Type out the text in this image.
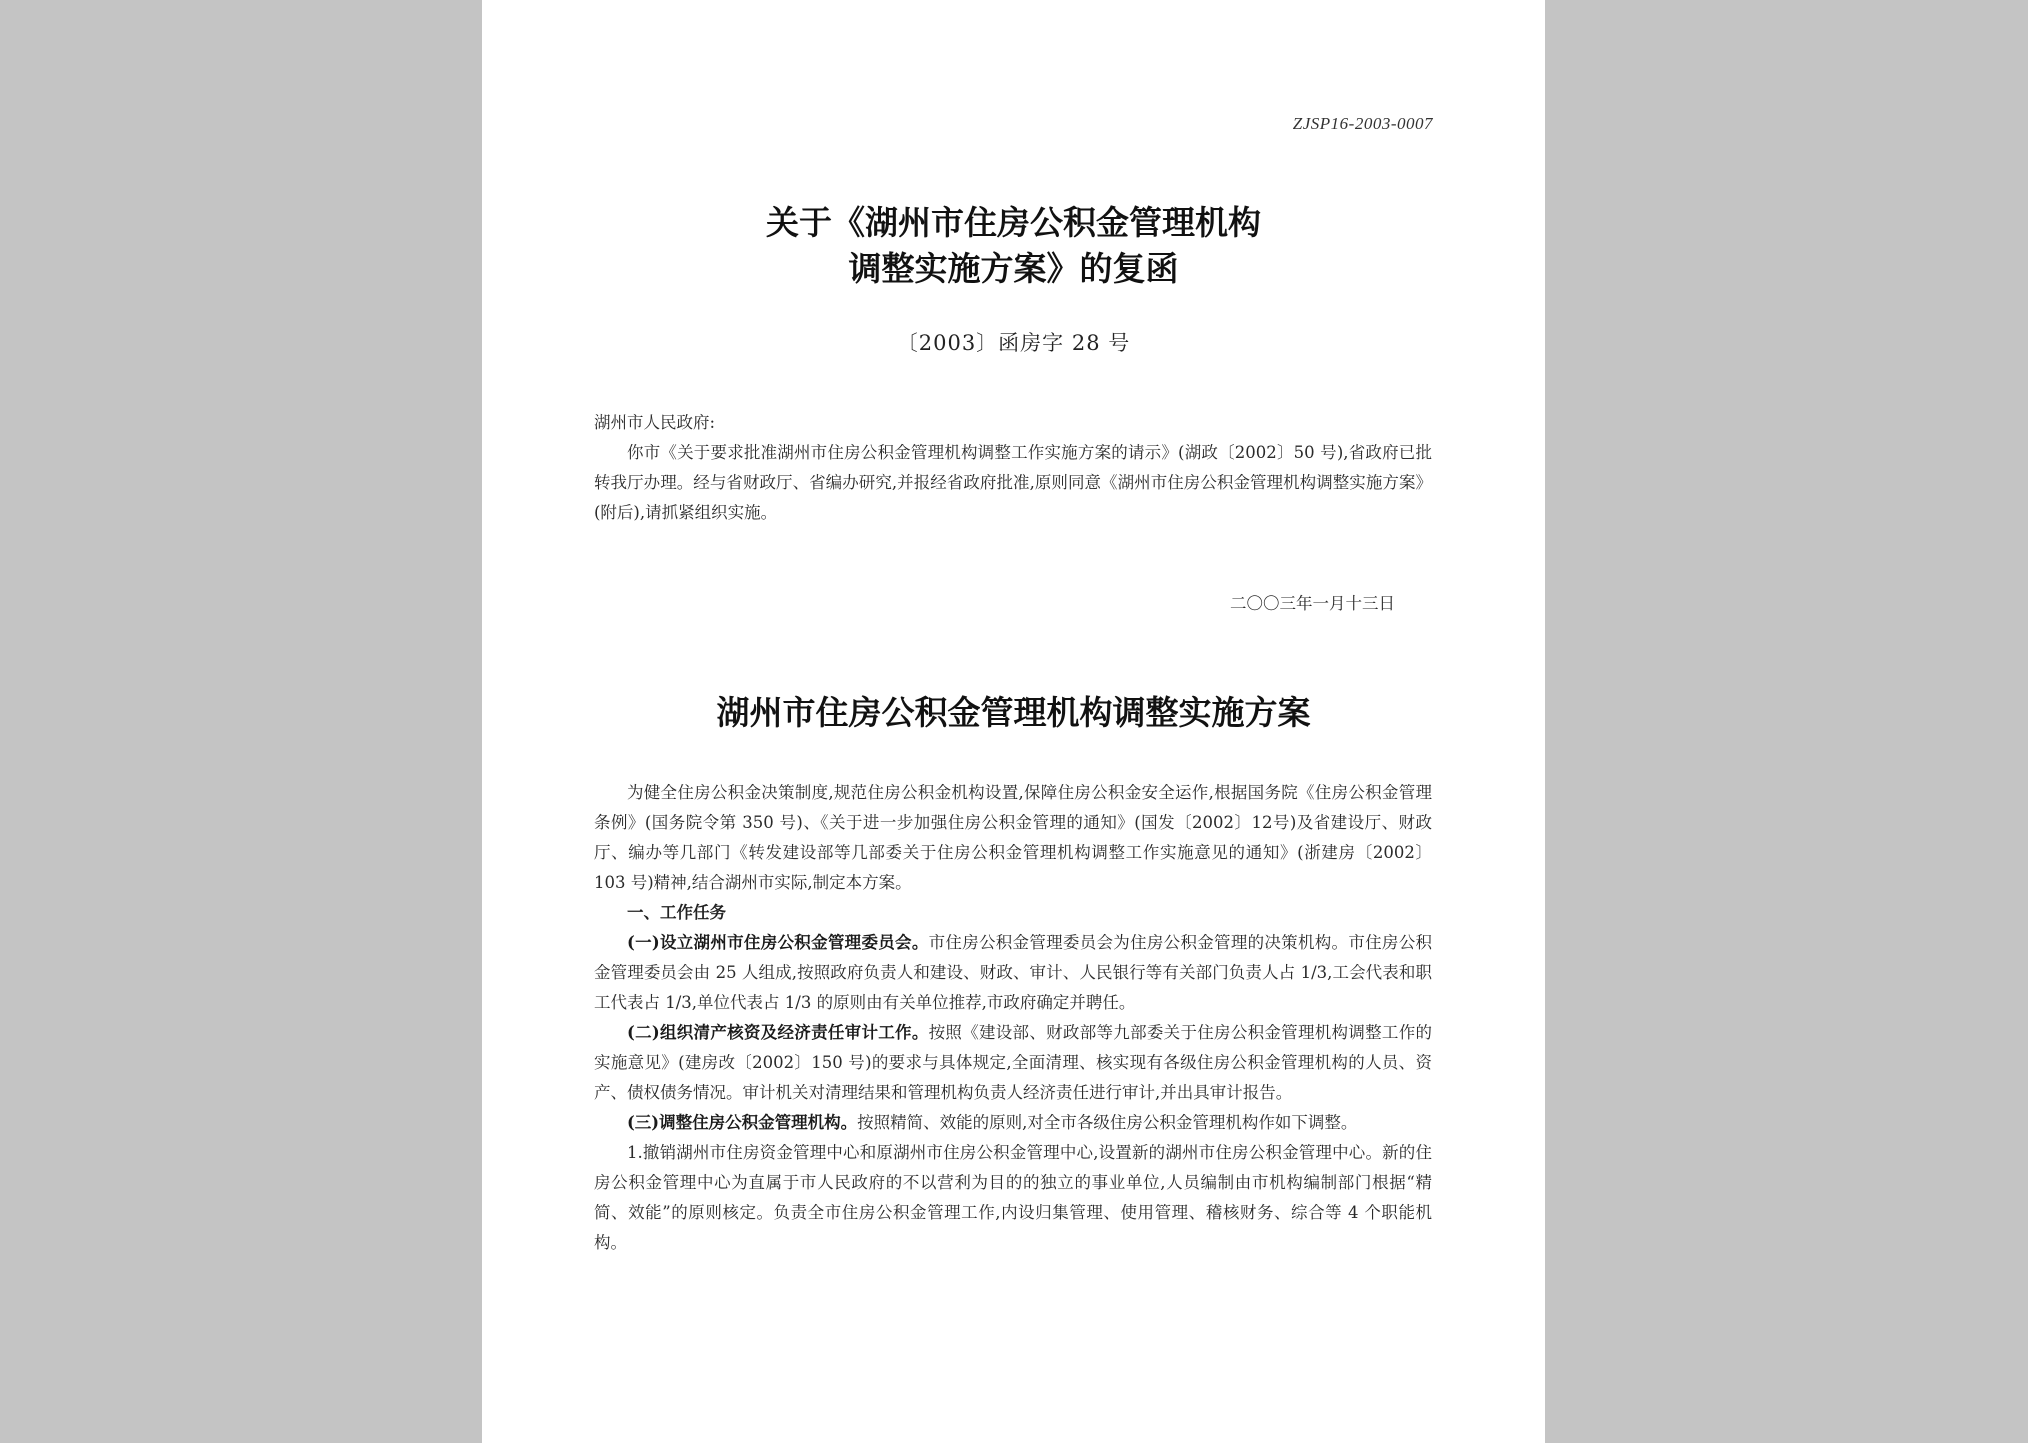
ZJSP16-2003-0007
关于《湖州市住房公积金管理机构
调整实施方案》的复函
〔2003〕函房字 28 号
湖州市人民政府:

你市《关于要求批准湖州市住房公积金管理机构调整工作实施方案的请示》(湖政〔2002〕50 号),省政府已批转我厅办理。经与省财政厅、省编办研究,并报经省政府批准,原则同意《湖州市住房公积金管理机构调整实施方案》(附后),请抓紧组织实施。

二〇〇三年一月十三日
湖州市住房公积金管理机构调整实施方案

为健全住房公积金决策制度,规范住房公积金机构设置,保障住房公积金安全运作,根据国务院《住房公积金管理条例》(国务院令第 350 号)、《关于进一步加强住房公积金管理的通知》(国发〔2002〕12号)及省建设厅、财政厅、编办等几部门《转发建设部等几部委关于住房公积金管理机构调整工作实施意见的通知》(浙建房〔2002〕103 号)精神,结合湖州市实际,制定本方案。

一、工作任务

(一)设立湖州市住房公积金管理委员会。市住房公积金管理委员会为住房公积金管理的决策机构。市住房公积金管理委员会由 25 人组成,按照政府负责人和建设、财政、审计、人民银行等有关部门负责人占 1/3,工会代表和职工代表占 1/3,单位代表占 1/3 的原则由有关单位推荐,市政府确定并聘任。

(二)组织清产核资及经济责任审计工作。按照《建设部、财政部等九部委关于住房公积金管理机构调整工作的实施意见》(建房改〔2002〕150 号)的要求与具体规定,全面清理、核实现有各级住房公积金管理机构的人员、资产、债权债务情况。审计机关对清理结果和管理机构负责人经济责任进行审计,并出具审计报告。

(三)调整住房公积金管理机构。按照精简、效能的原则,对全市各级住房公积金管理机构作如下调整。

1.撤销湖州市住房资金管理中心和原湖州市住房公积金管理中心,设置新的湖州市住房公积金管理中心。新的住房公积金管理中心为直属于市人民政府的不以营利为目的的独立的事业单位,人员编制由市机构编制部门根据“精简、效能”的原则核定。负责全市住房公积金管理工作,内设归集管理、使用管理、稽核财务、综合等 4 个职能机构。
